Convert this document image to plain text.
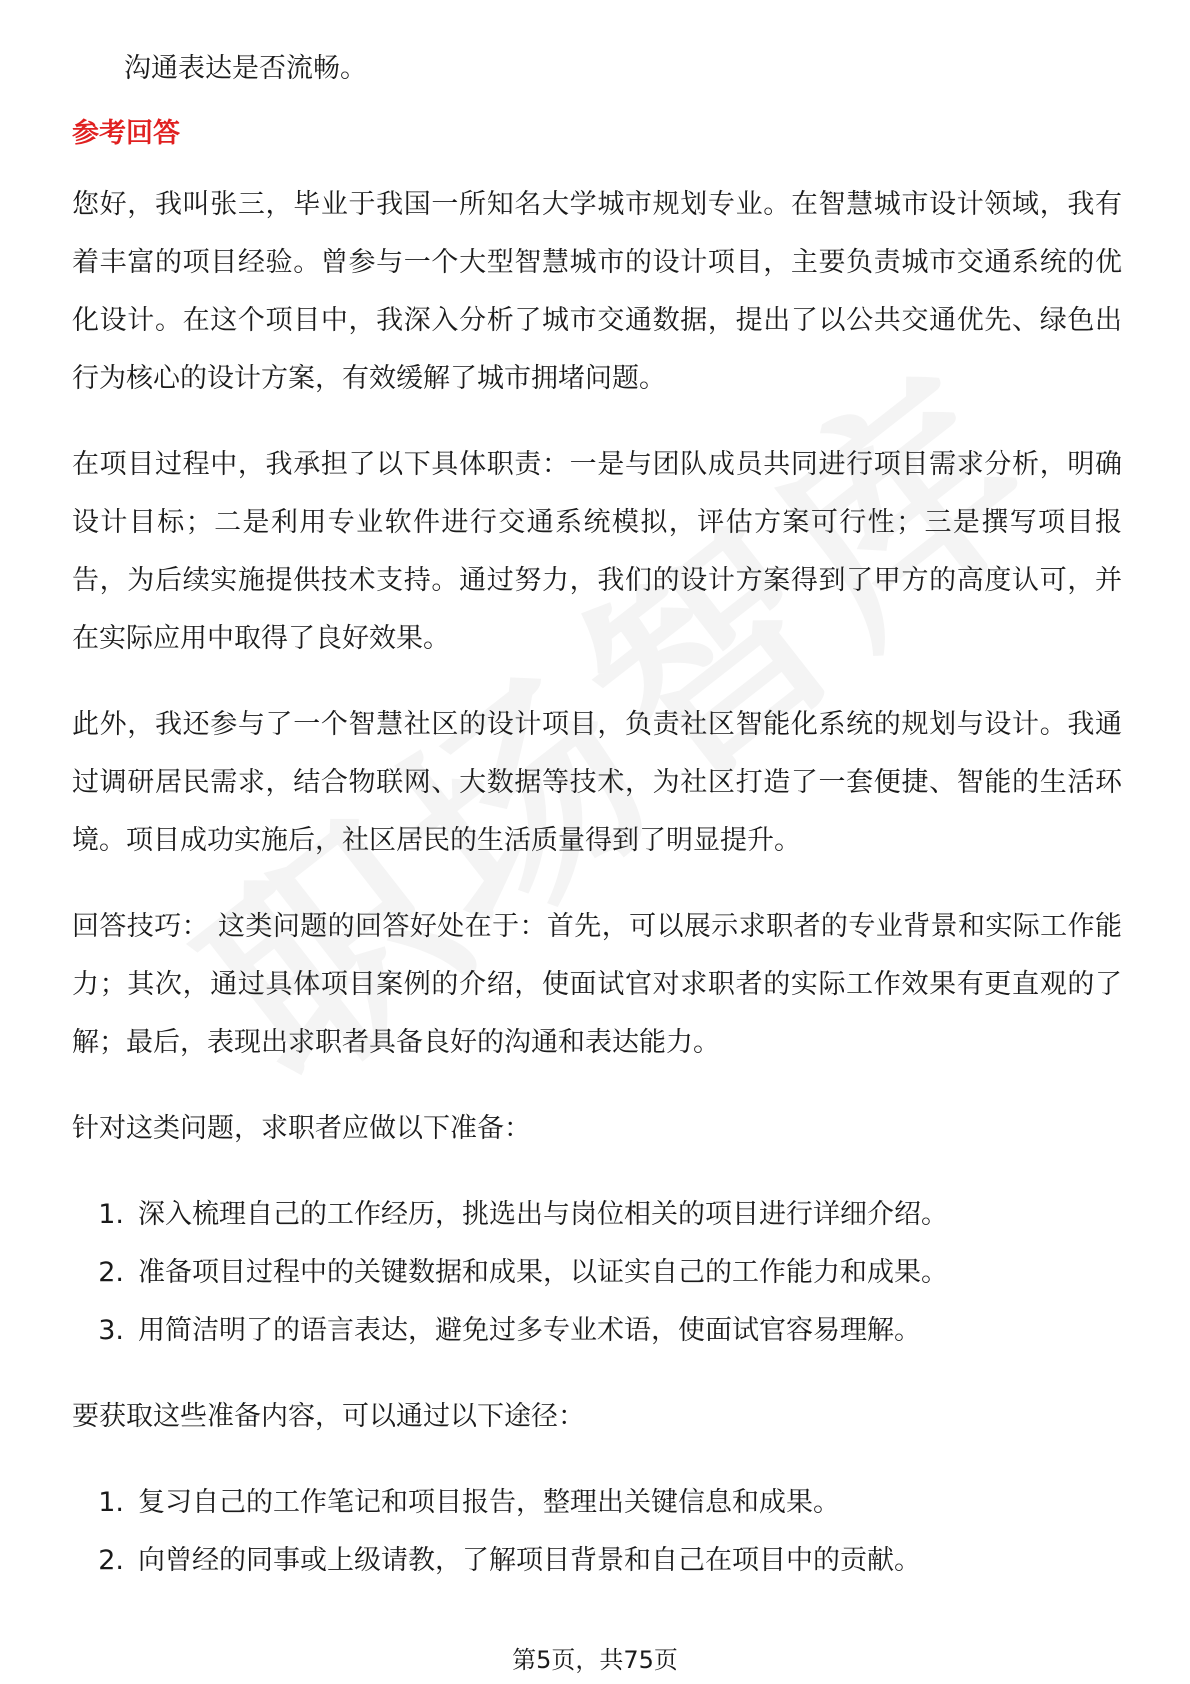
沟通表达是否流畅。

参考回答

您好，我叫张三，毕业于我国一所知名大学城市规划专业。在智慧城市设计领域，我有着丰富的项目经验。曾参与一个大型智慧城市的设计项目，主要负责城市交通系统的优化设计。在这个项目中，我深入分析了城市交通数据，提出了以公共交通优先、绿色出行为核心的设计方案，有效缓解了城市拥堵问题。

在项目过程中，我承担了以下具体职责：一是与团队成员共同进行项目需求分析，明确设计目标；二是利用专业软件进行交通系统模拟，评估方案可行性；三是撰写项目报告，为后续实施提供技术支持。通过努力，我们的设计方案得到了甲方的高度认可，并在实际应用中取得了良好效果。

此外，我还参与了一个智慧社区的设计项目，负责社区智能化系统的规划与设计。我通过调研居民需求，结合物联网、大数据等技术，为社区打造了一套便捷、智能的生活环境。项目成功实施后，社区居民的生活质量得到了明显提升。

回答技巧： 这类问题的回答好处在于：首先，可以展示求职者的专业背景和实际工作能力；其次，通过具体项目案例的介绍，使面试官对求职者的实际工作效果有更直观的了解；最后，表现出求职者具备良好的沟通和表达能力。

针对这类问题，求职者应做以下准备：

1. 深入梳理自己的工作经历，挑选出与岗位相关的项目进行详细介绍。
2. 准备项目过程中的关键数据和成果，以证实自己的工作能力和成果。
3. 用简洁明了的语言表达，避免过多专业术语，使面试官容易理解。

要获取这些准备内容，可以通过以下途径：

1. 复习自己的工作笔记和项目报告，整理出关键信息和成果。
2. 向曾经的同事或上级请教，了解项目背景和自己在项目中的贡献。
第5页，共75页
